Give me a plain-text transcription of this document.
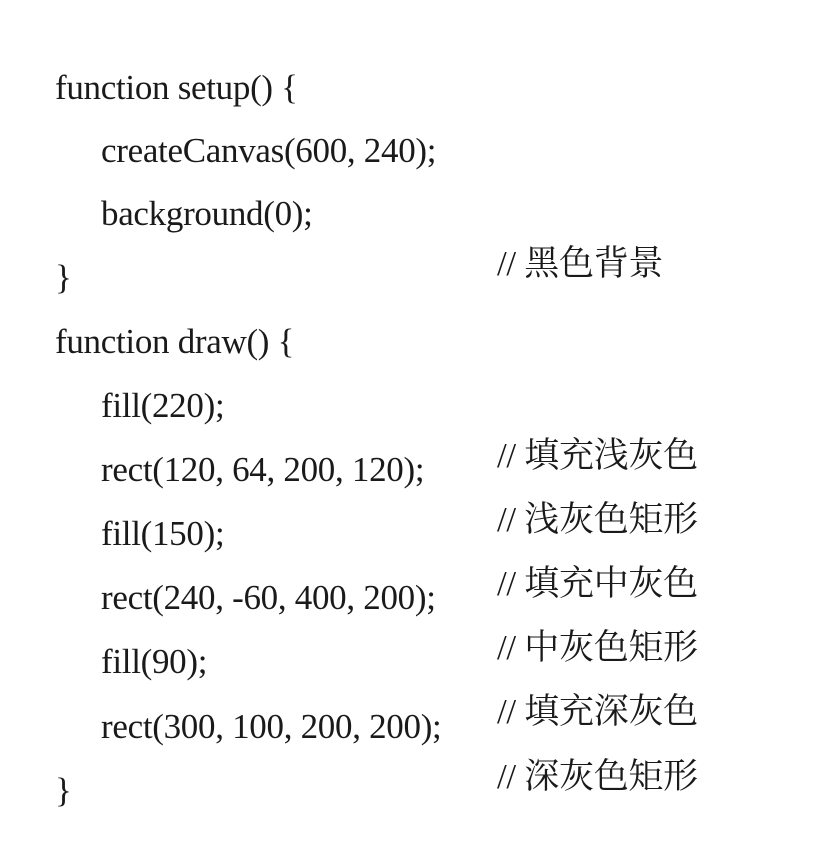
function setup() {

createCanvas(600, 240);

background(0);

// 黑色背景

}

function draw() {

fill(220);

// 填充浅灰色

rect(120, 64, 200, 120);

// 浅灰色矩形

fill(150);

// 填充中灰色

rect(240, -60, 400, 200);

// 中灰色矩形

fill(90);

// 填充深灰色

rect(300, 100, 200, 200);

// 深灰色矩形

}
